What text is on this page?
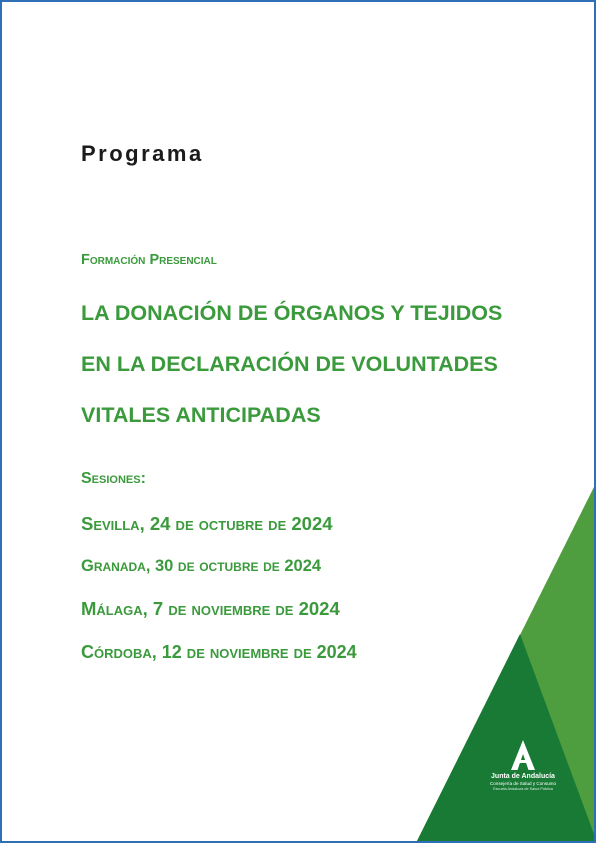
Programa
Formación Presencial
LA DONACIÓN DE ÓRGANOS Y TEJIDOS
EN LA DECLARACIÓN DE VOLUNTADES
VITALES ANTICIPADAS
Sesiones:
Sevilla, 24 de octubre de 2024
Granada, 30 de octubre de 2024
Málaga, 7 de noviembre de 2024
Córdoba, 12 de noviembre de 2024
Junta de Andalucía
Consejería de Salud y Consumo
Escuela Andaluza de Salud Pública
